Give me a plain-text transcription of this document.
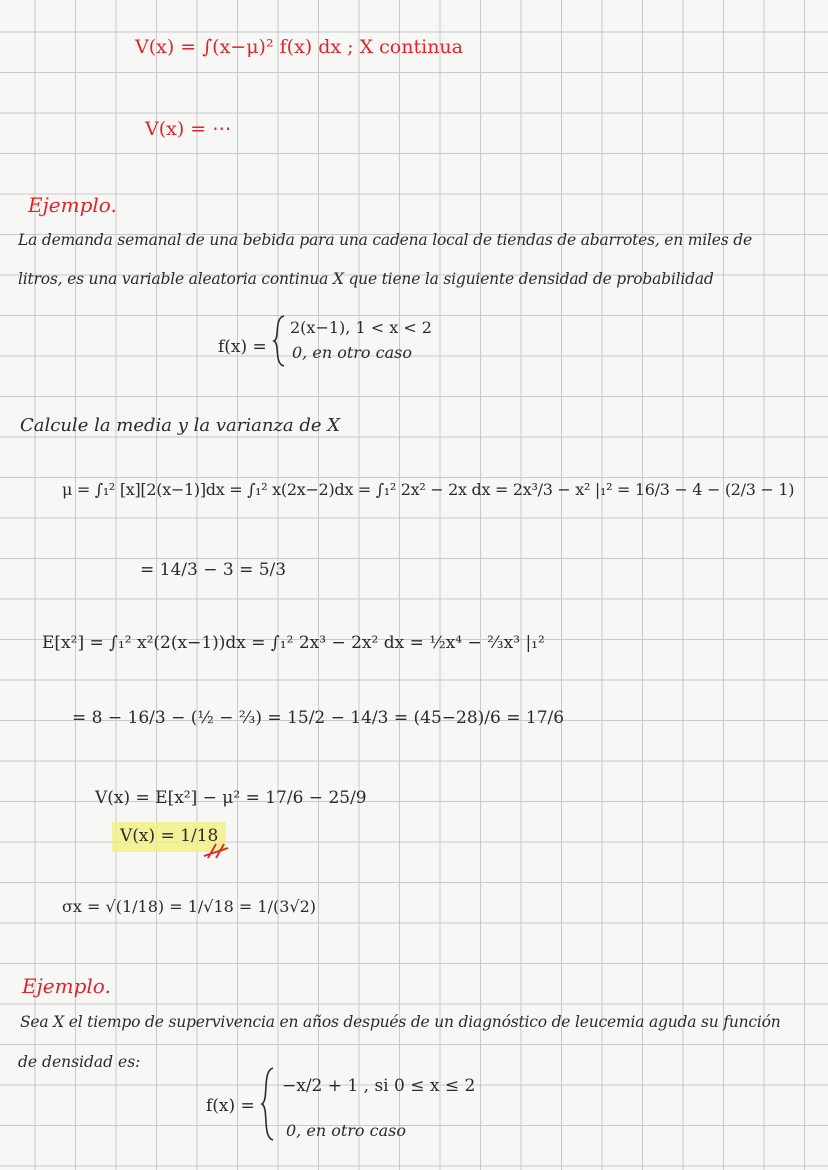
V(x) = ∫(x−μ)² f(x) dx ; X continua
V(x) = ⋯
Ejemplo.
La demanda semanal de una bebida para una cadena local de tiendas de abarrotes, en miles de
litros, es una variable aleatoria continua X que tiene la siguiente densidad de probabilidad
f(x) =
2(x−1), 1 < x < 2
0, en otro caso
Calcule la media y la varianza de X
μ = ∫₁² [x][2(x−1)]dx = ∫₁² x(2x−2)dx = ∫₁² 2x² − 2x dx = 2x³/3 − x² |₁² = 16/3 − 4 − (2/3 − 1)
= 14/3 − 3 = 5/3
E[x²] = ∫₁² x²(2(x−1))dx = ∫₁² 2x³ − 2x² dx = ½x⁴ − ⅔x³ |₁²
= 8 − 16/3 − (½ − ⅔) = 15/2 − 14/3 = (45−28)/6 = 17/6
V(x) = E[x²] − μ² = 17/6 − 25/9
V(x) = 1/18
σx = √(1/18) = 1/√18 = 1/(3√2)
Ejemplo.
Sea X el tiempo de supervivencia en años después de un diagnóstico de leucemia aguda su función
de densidad es:
f(x) =
−x/2 + 1 , si 0 ≤ x ≤ 2
0, en otro caso
